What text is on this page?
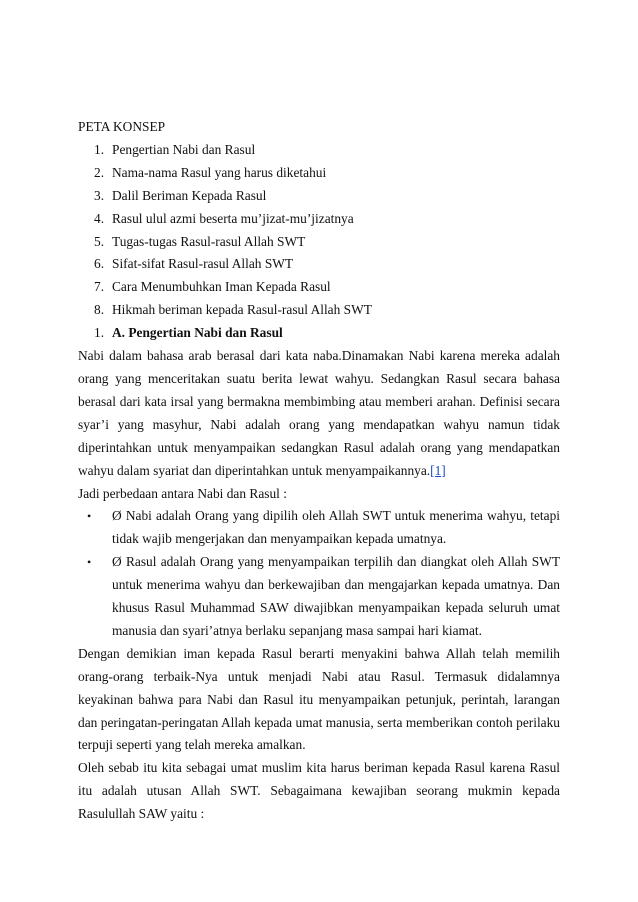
PETA KONSEP
1. Pengertian Nabi dan Rasul
2. Nama-nama Rasul yang harus diketahui
3. Dalil Beriman Kepada Rasul
4. Rasul ulul azmi beserta mu’jizat-mu’jizatnya
5. Tugas-tugas Rasul-rasul Allah SWT
6. Sifat-sifat Rasul-rasul Allah SWT
7. Cara Menumbuhkan Iman Kepada Rasul
8. Hikmah beriman kepada Rasul-rasul Allah SWT
1. A. Pengertian Nabi dan Rasul

Nabi dalam bahasa arab berasal dari kata naba.Dinamakan Nabi karena mereka adalah orang yang menceritakan suatu berita lewat wahyu. Sedangkan Rasul secara bahasa berasal dari kata irsal yang bermakna membimbing atau memberi arahan. Definisi secara syar’i yang masyhur, Nabi adalah orang yang mendapatkan wahyu namun tidak diperintahkan untuk menyampaikan sedangkan Rasul adalah orang yang mendapatkan wahyu dalam syariat dan diperintahkan untuk menyampaikannya.[1]

Jadi perbedaan antara Nabi dan Rasul :

• Ø Nabi adalah Orang yang dipilih oleh Allah SWT untuk menerima wahyu, tetapi tidak wajib mengerjakan dan menyampaikan kepada umatnya.
• Ø Rasul adalah Orang yang menyampaikan terpilih dan diangkat oleh Allah SWT untuk menerima wahyu dan berkewajiban dan mengajarkan kepada umatnya. Dan khusus Rasul Muhammad SAW diwajibkan menyampaikan kepada seluruh umat manusia dan syari’atnya berlaku sepanjang masa sampai hari kiamat.

Dengan demikian iman kepada Rasul berarti menyakini bahwa Allah telah memilih orang-orang terbaik-Nya untuk menjadi Nabi atau Rasul. Termasuk didalamnya keyakinan bahwa para Nabi dan Rasul itu menyampaikan petunjuk, perintah, larangan dan peringatan-peringatan Allah kepada umat manusia, serta memberikan contoh perilaku terpuji seperti yang telah mereka amalkan.

Oleh sebab itu kita sebagai umat muslim kita harus beriman kepada Rasul karena Rasul itu adalah utusan Allah SWT. Sebagaimana kewajiban seorang mukmin kepada Rasulullah SAW yaitu :
